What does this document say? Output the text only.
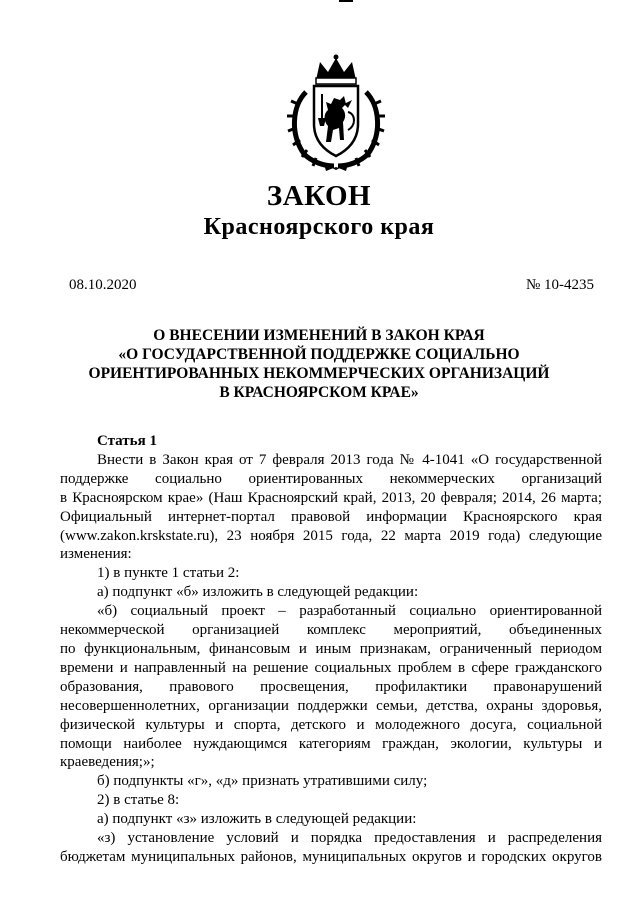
ЗАКОН
Красноярского края
08.10.2020	№ 10-4235
О ВНЕСЕНИИ ИЗМЕНЕНИЙ В ЗАКОН КРАЯ
«О ГОСУДАРСТВЕННОЙ ПОДДЕРЖКЕ СОЦИАЛЬНО
ОРИЕНТИРОВАННЫХ НЕКОММЕРЧЕСКИХ ОРГАНИЗАЦИЙ
В КРАСНОЯРСКОМ КРАЕ»
Статья 1
Внести в Закон края от 7 февраля 2013 года № 4-1041 «О государственной
поддержке социально ориентированных некоммерческих организаций
в Красноярском крае» (Наш Красноярский край, 2013, 20 февраля; 2014, 26 марта;
Официальный интернет-портал правовой информации Красноярского края
(www.zakon.krskstate.ru), 23 ноября 2015 года, 22 марта 2019 года) следующие
изменения:
1) в пункте 1 статьи 2:
а) подпункт «б» изложить в следующей редакции:
«б) социальный проект – разработанный социально ориентированной
некоммерческой организацией комплекс мероприятий, объединенных
по функциональным, финансовым и иным признакам, ограниченный периодом
времени и направленный на решение социальных проблем в сфере гражданского
образования, правового просвещения, профилактики правонарушений
несовершеннолетних, организации поддержки семьи, детства, охраны здоровья,
физической культуры и спорта, детского и молодежного досуга, социальной
помощи наиболее нуждающимся категориям граждан, экологии, культуры и
краеведения;»;
б) подпункты «г», «д» признать утратившими силу;
2) в статье 8:
а) подпункт «з» изложить в следующей редакции:
«з) установление условий и порядка предоставления и распределения
бюджетам муниципальных районов, муниципальных округов и городских округов
